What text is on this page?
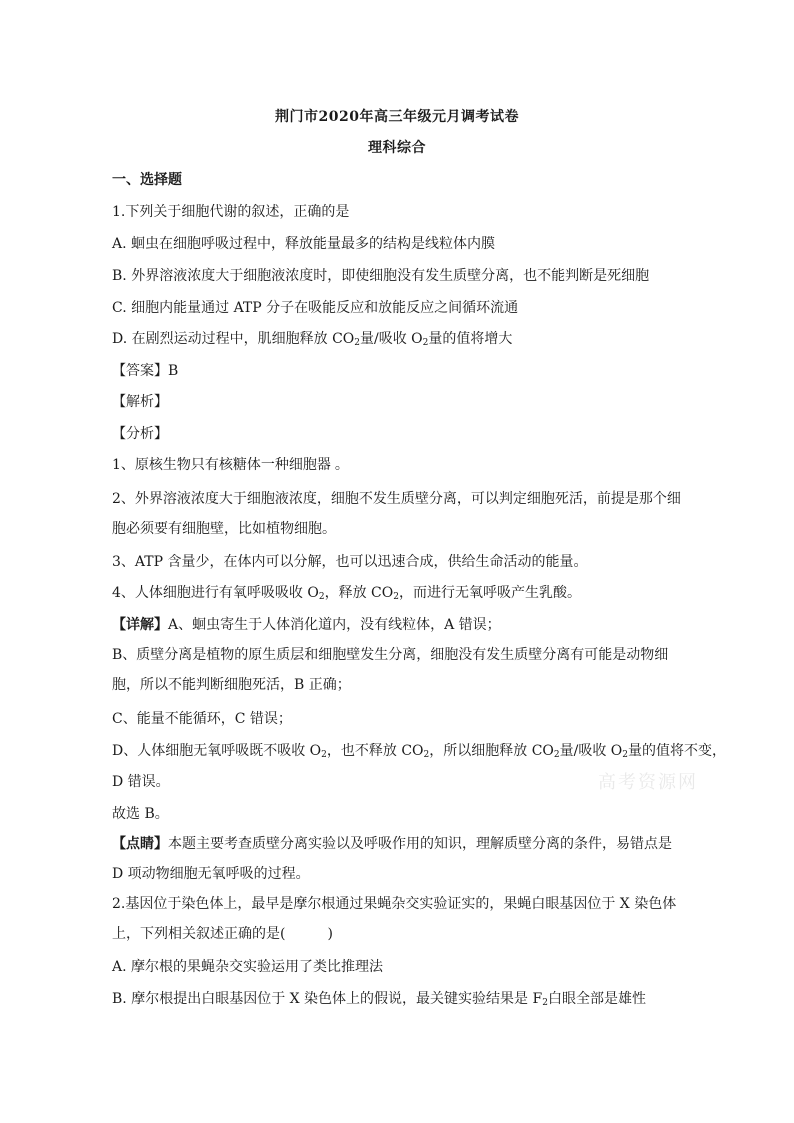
荆门市2020年高三年级元月调考试卷
理科综合
一、选择题
1.下列关于细胞代谢的叙述，正确的是
A. 蛔虫在细胞呼吸过程中，释放能量最多的结构是线粒体内膜
B. 外界溶液浓度大于细胞液浓度时，即使细胞没有发生质壁分离，也不能判断是死细胞
C. 细胞内能量通过 ATP 分子在吸能反应和放能反应之间循环流通
D. 在剧烈运动过程中，肌细胞释放 $CO_2$量/吸收 $O_2$量的值将增大
【答案】B
【解析】
【分析】
1、原核生物只有核糖体一种细胞器 。
2、外界溶液浓度大于细胞液浓度，细胞不发生质壁分离，可以判定细胞死活，前提是那个细胞必须要有细胞壁，比如植物细胞。
3、ATP 含量少，在体内可以分解，也可以迅速合成，供给生命活动的能量。
4、人体细胞进行有氧呼吸吸收 $O_2$，释放 $CO_2$，而进行无氧呼吸产生乳酸。
【详解】A、蛔虫寄生于人体消化道内，没有线粒体，A 错误；
B、质壁分离是植物的原生质层和细胞壁发生分离，细胞没有发生质壁分离有可能是动物细胞，所以不能判断细胞死活，B 正确；
C、能量不能循环，C 错误；
D、人体细胞无氧呼吸既不吸收 $O_2$，也不释放 $CO_2$，所以细胞释放 $CO_2$量/吸收 $O_2$量的值将不变，
D 错误。	高考资源网
故选 B。
【点睛】本题主要考查质壁分离实验以及呼吸作用的知识，理解质壁分离的条件，易错点是 D 项动物细胞无氧呼吸的过程。
2.基因位于染色体上，最早是摩尔根通过果蝇杂交实验证实的，果蝇白眼基因位于 X 染色体上，下列相关叙述正确的是(　　　)
A. 摩尔根的果蝇杂交实验运用了类比推理法
B. 摩尔根提出白眼基因位于 X 染色体上的假说，最关键实验结果是 $F_2$白眼全部是雄性
